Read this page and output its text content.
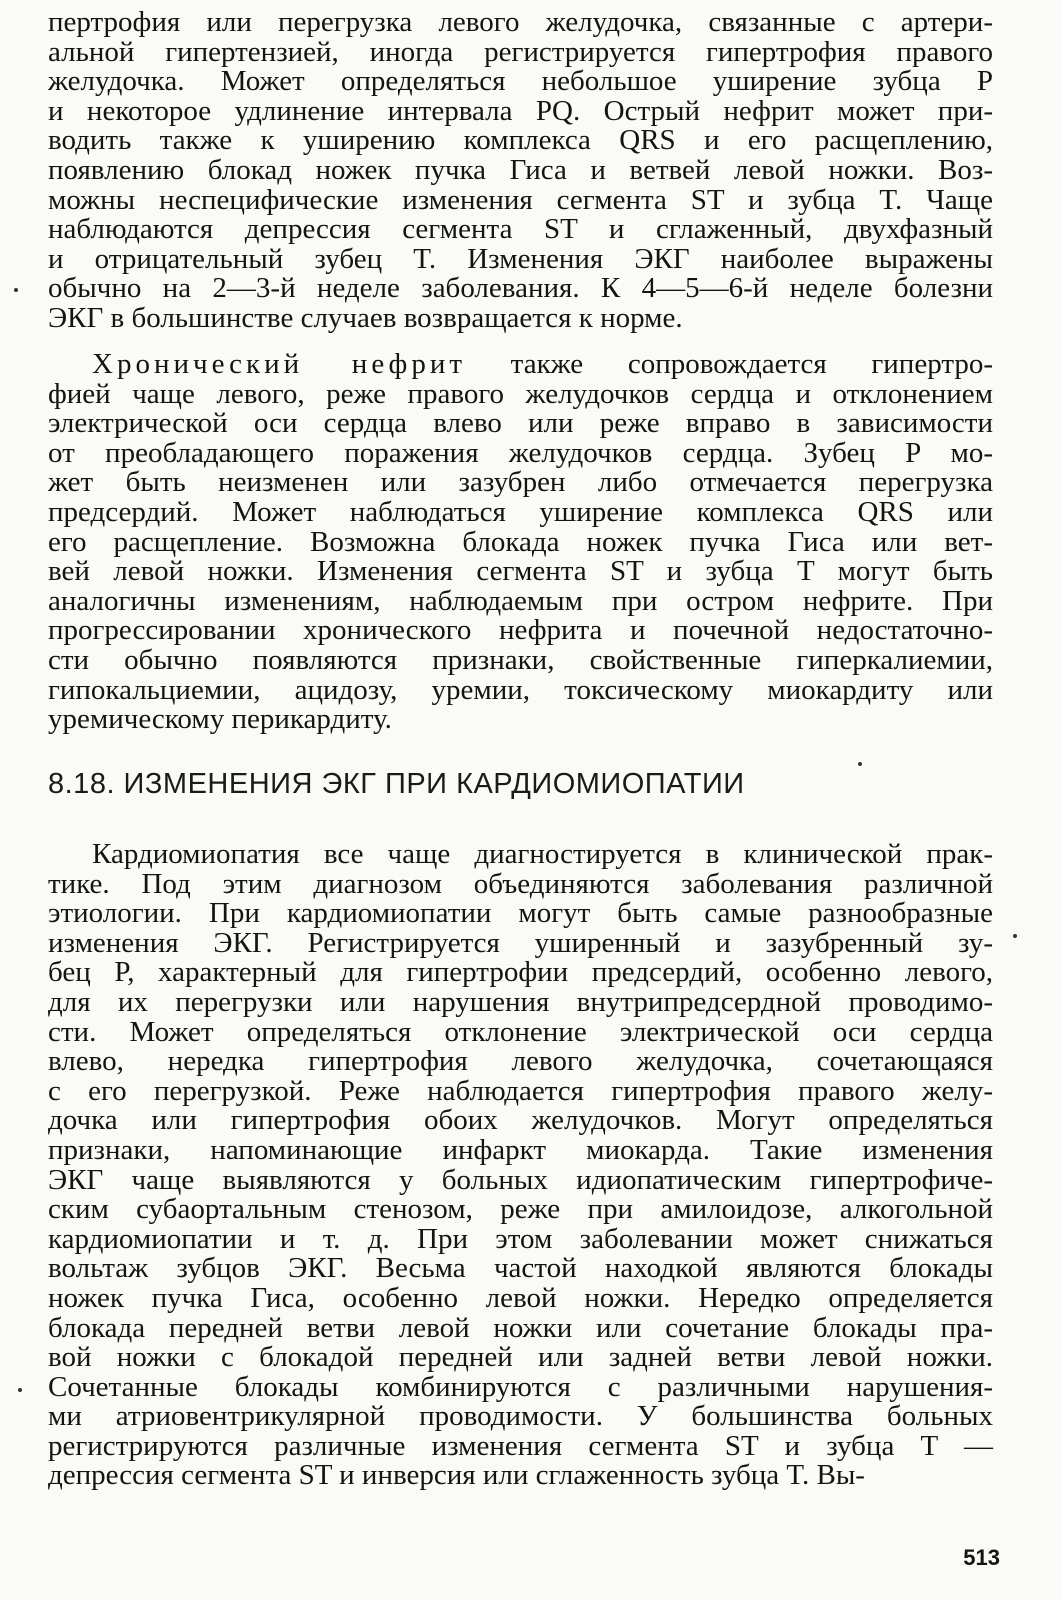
пертрофия или перегрузка левого желудочка, связанные с артери-
альной гипертензией, иногда регистрируется гипертрофия правого
желудочка. Может определяться небольшое уширение зубца P
и некоторое удлинение интервала PQ. Острый нефрит может при-
водить также к уширению комплекса QRS и его расщеплению,
появлению блокад ножек пучка Гиса и ветвей левой ножки. Воз-
можны неспецифические изменения сегмента ST и зубца T. Чаще
наблюдаются депрессия сегмента ST и сглаженный, двухфазный
и отрицательный зубец T. Изменения ЭКГ наиболее выражены
обычно на 2—3-й неделе заболевания. К 4—5—6-й неделе болезни
ЭКГ в большинстве случаев возвращается к норме.
Хронический нефрит также сопровождается гипертро-
фией чаще левого, реже правого желудочков сердца и отклонением
электрической оси сердца влево или реже вправо в зависимости
от преобладающего поражения желудочков сердца. Зубец P мо-
жет быть неизменен или зазубрен либо отмечается перегрузка
предсердий. Может наблюдаться уширение комплекса QRS или
его расщепление. Возможна блокада ножек пучка Гиса или вет-
вей левой ножки. Изменения сегмента ST и зубца T могут быть
аналогичны изменениям, наблюдаемым при остром нефрите. При
прогрессировании хронического нефрита и почечной недостаточно-
сти обычно появляются признаки, свойственные гиперкалиемии,
гипокальциемии, ацидозу, уремии, токсическому миокардиту или
уремическому перикардиту.
8.18. ИЗМЕНЕНИЯ ЭКГ ПРИ КАРДИОМИОПАТИИ
Кардиомиопатия все чаще диагностируется в клинической прак-
тике. Под этим диагнозом объединяются заболевания различной
этиологии. При кардиомиопатии могут быть самые разнообразные
изменения ЭКГ. Регистрируется уширенный и зазубренный зу-
бец P, характерный для гипертрофии предсердий, особенно левого,
для их перегрузки или нарушения внутрипредсердной проводимо-
сти. Может определяться отклонение электрической оси сердца
влево, нередка гипертрофия левого желудочка, сочетающаяся
с его перегрузкой. Реже наблюдается гипертрофия правого желу-
дочка или гипертрофия обоих желудочков. Могут определяться
признаки, напоминающие инфаркт миокарда. Такие изменения
ЭКГ чаще выявляются у больных идиопатическим гипертрофиче-
ским субаортальным стенозом, реже при амилоидозе, алкогольной
кардиомиопатии и т. д. При этом заболевании может снижаться
вольтаж зубцов ЭКГ. Весьма частой находкой являются блокады
ножек пучка Гиса, особенно левой ножки. Нередко определяется
блокада передней ветви левой ножки или сочетание блокады пра-
вой ножки с блокадой передней или задней ветви левой ножки.
Сочетанные блокады комбинируются с различными нарушения-
ми атриовентрикулярной проводимости. У большинства больных
регистрируются различные изменения сегмента ST и зубца T —
депрессия сегмента ST и инверсия или сглаженность зубца T. Вы-
513
